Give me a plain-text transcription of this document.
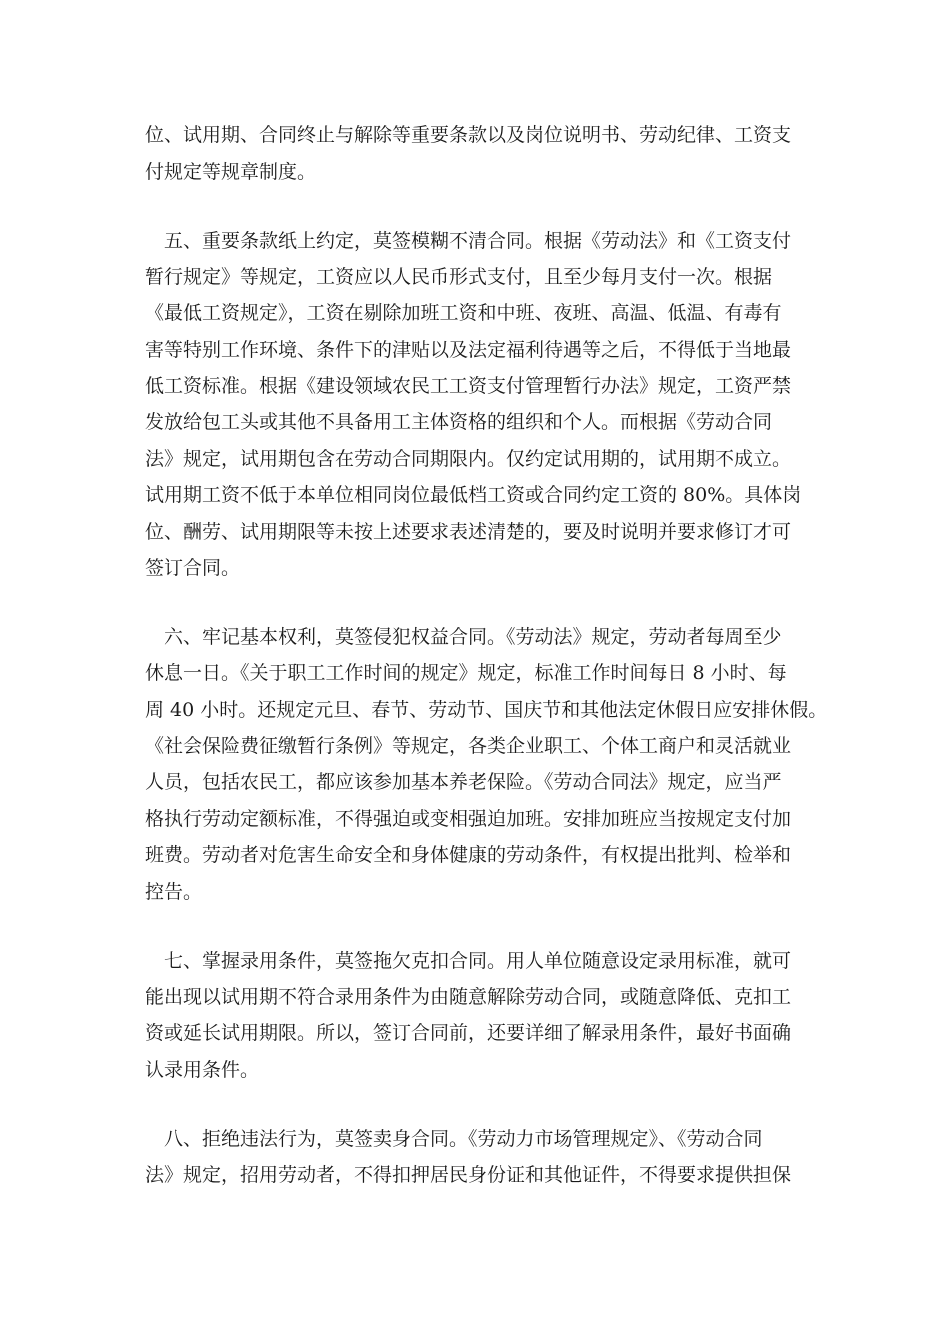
位、试用期、合同终止与解除等重要条款以及岗位说明书、劳动纪律、工资支

付规定等规章制度。

五、重要条款纸上约定，莫签模糊不清合同。根据《劳动法》和《工资支付

暂行规定》等规定，工资应以人民币形式支付，且至少每月支付一次。根据

《最低工资规定》，工资在剔除加班工资和中班、夜班、高温、低温、有毒有

害等特别工作环境、条件下的津贴以及法定福利待遇等之后，不得低于当地最

低工资标准。根据《建设领域农民工工资支付管理暂行办法》规定，工资严禁

发放给包工头或其他不具备用工主体资格的组织和个人。而根据《劳动合同

法》规定，试用期包含在劳动合同期限内。仅约定试用期的，试用期不成立。

试用期工资不低于本单位相同岗位最低档工资或合同约定工资的 80%。具体岗

位、酬劳、试用期限等未按上述要求表述清楚的，要及时说明并要求修订才可

签订合同。

六、牢记基本权利，莫签侵犯权益合同。《劳动法》规定，劳动者每周至少

休息一日。《关于职工工作时间的规定》规定，标准工作时间每日 8 小时、每

周 40 小时。还规定元旦、春节、劳动节、国庆节和其他法定休假日应安排休假。

《社会保险费征缴暂行条例》等规定，各类企业职工、个体工商户和灵活就业

人员，包括农民工，都应该参加基本养老保险。《劳动合同法》规定，应当严

格执行劳动定额标准，不得强迫或变相强迫加班。安排加班应当按规定支付加

班费。劳动者对危害生命安全和身体健康的劳动条件，有权提出批判、检举和

控告。

七、掌握录用条件，莫签拖欠克扣合同。用人单位随意设定录用标准，就可

能出现以试用期不符合录用条件为由随意解除劳动合同，或随意降低、克扣工

资或延长试用期限。所以，签订合同前，还要详细了解录用条件，最好书面确

认录用条件。

八、拒绝违法行为，莫签卖身合同。《劳动力市场管理规定》、《劳动合同

法》规定，招用劳动者，不得扣押居民身份证和其他证件，不得要求提供担保
